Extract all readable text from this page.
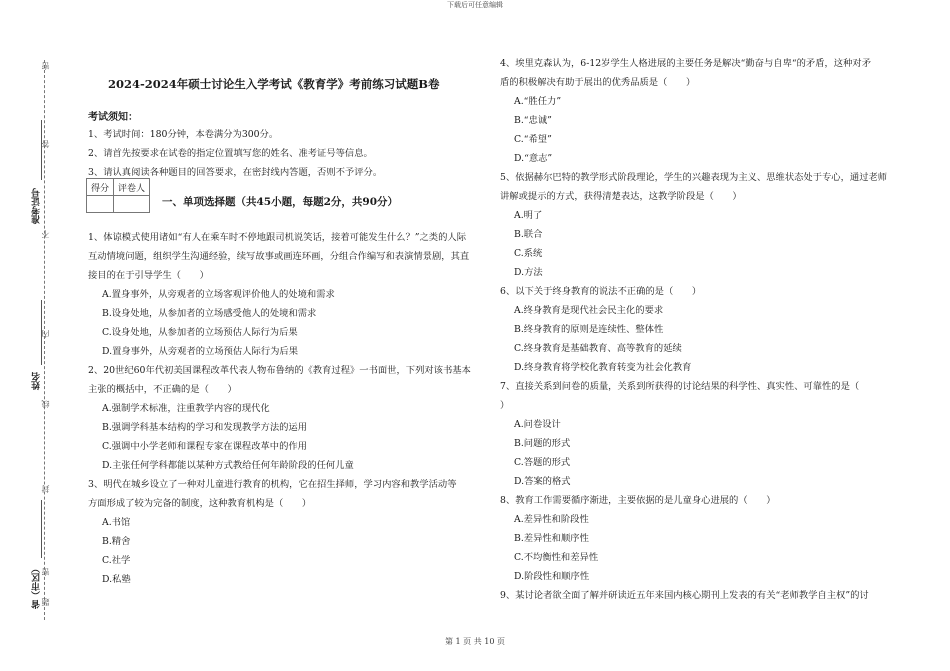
下载后可任意编辑
准考证号
姓名
省（市区）
密
答
不
内
线
封
密
题
2024-2024年硕士讨论生入学考试《教育学》考前练习试题B卷
考试须知：
1、考试时间：180分钟，本卷满分为300分。
2、请首先按要求在试卷的指定位置填写您的姓名、准考证号等信息。
3、请认真阅读各种题目的回答要求，在密封线内答题，否则不予评分。
得分	评卷人

一、单项选择题（共45小题，每题2分，共90分）

1、体谅模式使用诸如“有人在乘车时不停地跟司机说笑话，接着可能发生什么？”之类的人际

互动情境问题，组织学生沟通经验，续写故事或画连环画，分组合作编写和表演情景剧，其直

接目的在于引导学生（　　）

A.置身事外，从旁观者的立场客观评价他人的处境和需求

B.设身处地，从参加者的立场感受他人的处境和需求

C.设身处地，从参加者的立场预估人际行为后果

D.置身事外，从旁观者的立场预估人际行为后果

2、20世纪60年代初美国课程改革代表人物布鲁纳的《教育过程》一书面世，下列对该书基本

主张的概括中，不正确的是（　　）

A.强制学术标准，注重教学内容的现代化

B.强调学科基本结构的学习和发现教学方法的运用

C.强调中小学老师和课程专家在课程改革中的作用

D.主张任何学科都能以某种方式教给任何年龄阶段的任何儿童

3、明代在城乡设立了一种对儿童进行教育的机构，它在招生择师，学习内容和教学活动等

方面形成了较为完备的制度，这种教育机构是（　　）

A.书馆

B.精舍

C.社学

D.私塾

4、埃里克森认为，6-12岁学生人格进展的主要任务是解决“勤奋与自卑“的矛盾，这种对矛

盾的积极解决有助于展出的优秀品质是（　　）

A.“胜任力”

B.“忠诚”

C.“希望”

D.“意志”

5、依据赫尔巴特的教学形式阶段理论，学生的兴趣表现为主义、思维状态处于专心，通过老师

讲解或提示的方式，获得清楚表达，这教学阶段是（　　）

A.明了

B.联合

C.系统

D.方法

6、以下关于终身教育的说法不正确的是（　　）

A.终身教育是现代社会民主化的要求

B.终身教育的原则是连续性、整体性

C.终身教育是基础教育、高等教育的延续

D.终身教育将学校化教育转变为社会化教育

7、直接关系到问卷的质量，关系到所获得的讨论结果的科学性、真实性、可靠性的是（

）

A.问卷设计

B.问题的形式

C.答题的形式

D.答案的格式

8、教育工作需要循序渐进，主要依据的是儿童身心进展的（　　）

A.差异性和阶段性

B.差异性和顺序性

C.不均衡性和差异性

D.阶段性和顺序性

9、某讨论者欲全面了解并研读近五年来国内核心期刊上发表的有关“老师教学自主权”的讨

第 1 页 共 10 页
